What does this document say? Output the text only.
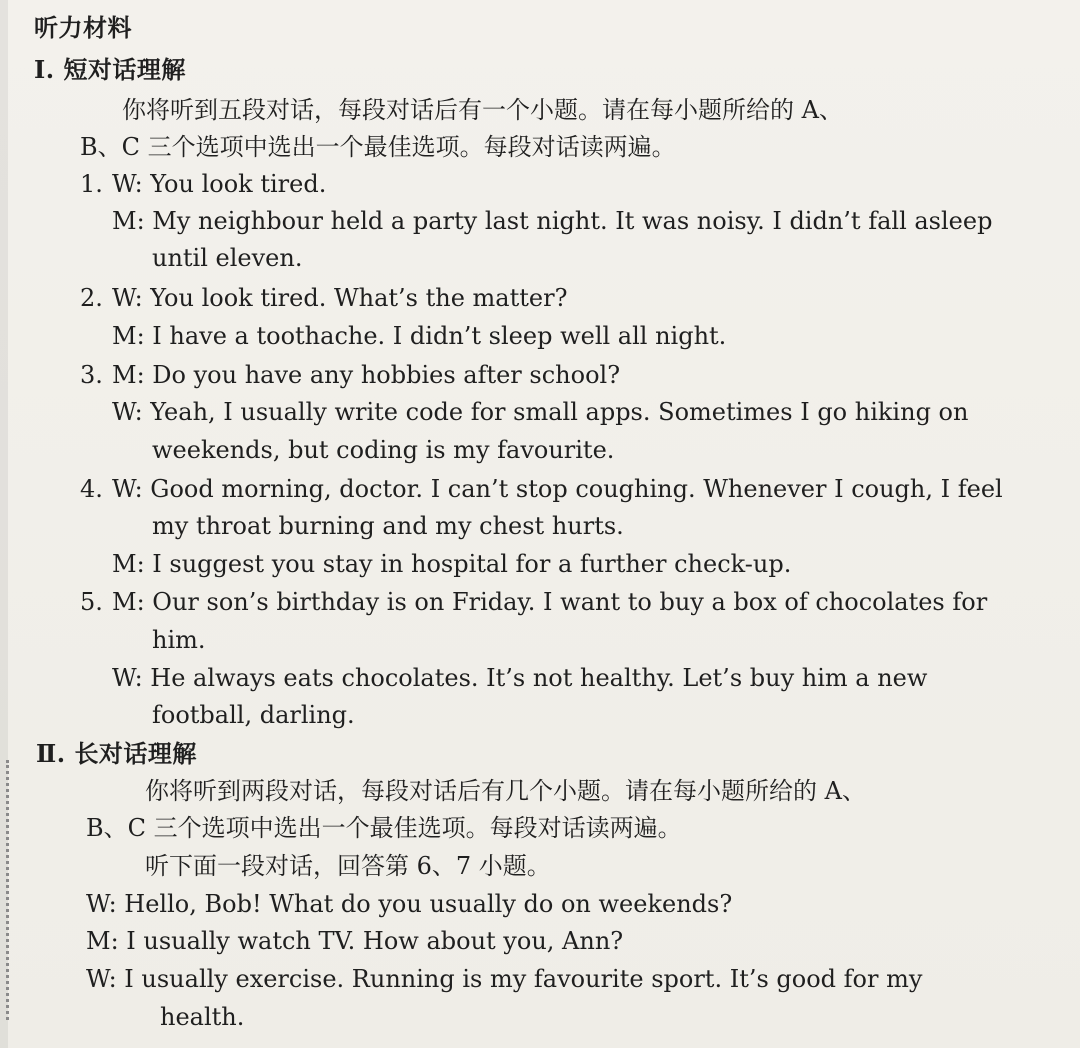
听力材料
Ⅰ. 短对话理解
你将听到五段对话，每段对话后有一个小题。请在每小题所给的 A、
B、C 三个选项中选出一个最佳选项。每段对话读两遍。
1. W: You look tired.
M: My neighbour held a party last night. It was noisy. I didn’t fall asleep
until eleven.
2. W: You look tired. What’s the matter?
M: I have a toothache. I didn’t sleep well all night.
3. M: Do you have any hobbies after school?
W: Yeah, I usually write code for small apps. Sometimes I go hiking on
weekends, but coding is my favourite.
4. W: Good morning, doctor. I can’t stop coughing. Whenever I cough, I feel
my throat burning and my chest hurts.
M: I suggest you stay in hospital for a further check-up.
5. M: Our son’s birthday is on Friday. I want to buy a box of chocolates for
him.
W: He always eats chocolates. It’s not healthy. Let’s buy him a new
football, darling.
Ⅱ. 长对话理解
你将听到两段对话，每段对话后有几个小题。请在每小题所给的 A、
B、C 三个选项中选出一个最佳选项。每段对话读两遍。
听下面一段对话，回答第 6、7 小题。
W: Hello, Bob! What do you usually do on weekends?
M: I usually watch TV. How about you, Ann?
W: I usually exercise. Running is my favourite sport. It’s good for my
health.
